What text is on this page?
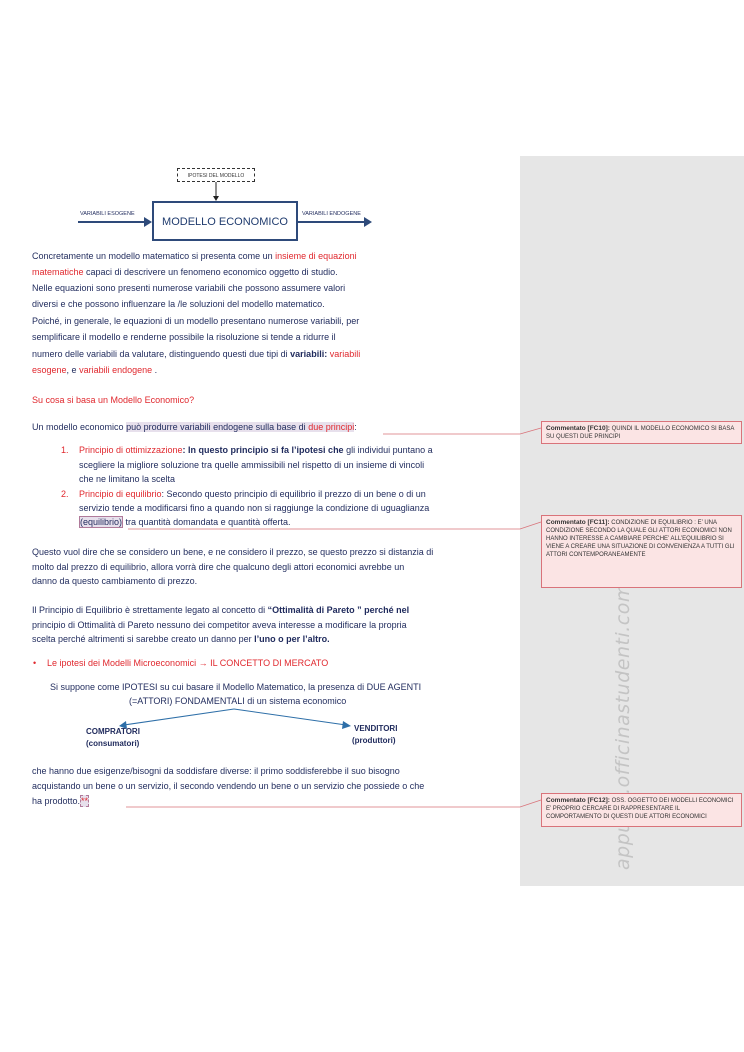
IPOTESI DEL MODELLO
MODELLO ECONOMICO
VARIABILI ESOGENE	VARIABILI ENDOGENE
Concretamente un modello matematico si presenta come un insieme di equazioni
matematiche capaci di descrivere un fenomeno economico oggetto di studio.
Nelle equazioni sono presenti numerose variabili che possono assumere valori
diversi e che possono influenzare la /le soluzioni del modello matematico.
Poiché, in generale, le equazioni di un modello presentano numerose variabili, per
semplificare il modello e renderne possibile la risoluzione si tende a ridurre il
numero delle variabili da valutare, distinguendo questi due tipi di variabili: variabili
esogene, e variabili endogene .
Su cosa si basa un Modello Economico?
Un modello economico può produrre variabili endogene sulla base di due principi:
1. Principio di ottimizzazione: In questo principio si fa l’ipotesi che gli individui puntano a
scegliere la migliore soluzione tra quelle ammissibili nel rispetto di un insieme di vincoli
che ne limitano la scelta
2. Principio di equilibrio: Secondo questo principio di equilibrio il prezzo di un bene o di un
servizio tende a modificarsi fino a quando non si raggiunge la condizione di uguaglianza
(equilibrio) tra quantità domandata e quantità offerta.
Questo vuol dire che se considero un bene, e ne considero il prezzo, se questo prezzo si distanzia di
molto dal prezzo di equilibrio, allora vorrà dire che qualcuno degli attori economici avrebbe un
danno da questo cambiamento di prezzo.
Il Principio di Equilibrio è strettamente legato al concetto di “Ottimalità di Pareto ” perché nel
principio di Ottimalità di Pareto nessuno dei competitor aveva interesse a modificare la propria
scelta perché altrimenti si sarebbe creato un danno per l’uno o per l’altro.
• Le ipotesi dei Modelli Microeconomici → IL CONCETTO DI MERCATO
Si suppone come IPOTESI su cui basare il Modello Matematico, la presenza di DUE AGENTI
(=ATTORI) FONDAMENTALI di un sistema economico
COMPRATORI
(consumatori)
VENDITORI
(produttori)
che hanno due esigenze/bisogni da soddisfare diverse: il primo soddisferebbe il suo bisogno
acquistando un bene o un servizio, il secondo vendendo un bene o un servizio che possiede o che
ha prodotto.**
Commentato [FC10]: QUINDI IL MODELLO ECONOMICO SI BASA SU QUESTI DUE PRINCIPI
Commentato [FC11]: CONDIZIONE DI EQUILIBRIO : E’ UNA CONDIZIONE SECONDO LA QUALE GLI ATTORI ECONOMICI NON HANNO INTERESSE A CAMBIARE PERCHE’ ALL’EQUILIBRIO SI VIENE A CREARE UNA SITUAZIONE DI CONVENIENZA A TUTTI GLI ATTORI CONTEMPORANEAMENTE
Commentato [FC12]: OSS. OGGETTO DEI MODELLI ECONOMICI E’ PROPRIO CERCARE DI RAPPRESENTARE IL COMPORTAMENTO DI QUESTI DUE ATTORI ECONOMICI
